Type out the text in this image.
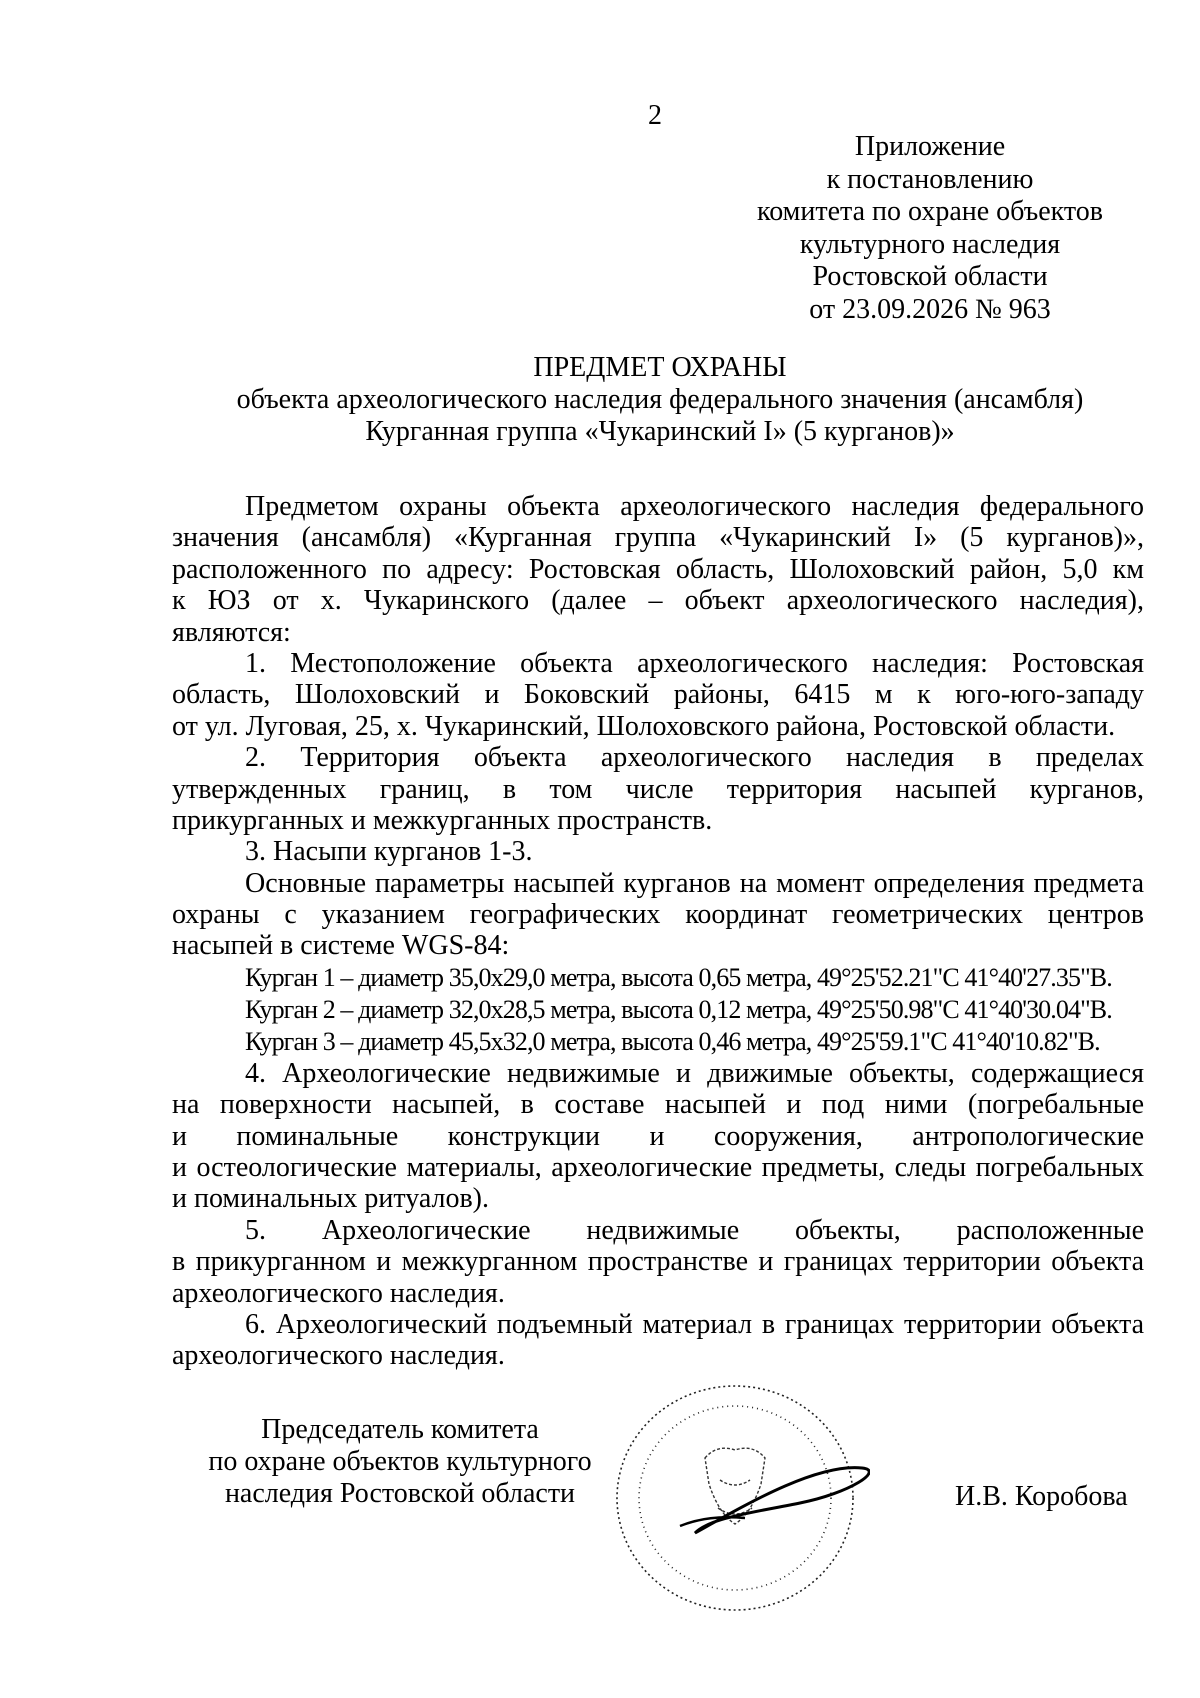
2
Приложение
к постановлению
комитета по охране объектов
культурного наследия
Ростовской области
от 23.09.2026 № 963
ПРЕДМЕТ ОХРАНЫ
объекта археологического наследия федерального значения (ансамбля)
Курганная группа «Чукаринский I» (5 курганов)»
Предметом охраны объекта археологического наследия федерального
значения (ансамбля) «Курганная группа «Чукаринский I» (5 курганов)»,
расположенного по адресу: Ростовская область, Шолоховский район, 5,0 км
к ЮЗ от х. Чукаринского (далее – объект археологического наследия),
являются:
1. Местоположение объекта археологического наследия: Ростовская
область, Шолоховский и Боковский районы, 6415 м к юго-юго-западу
от ул. Луговая, 25, х. Чукаринский, Шолоховского района, Ростовской области.
2. Территория объекта археологического наследия в пределах
утвержденных границ, в том числе территория насыпей курганов,
прикурганных и межкурганных пространств.
3. Насыпи курганов 1-3.
Основные параметры насыпей курганов на момент определения предмета
охраны с указанием географических координат геометрических центров
насыпей в системе WGS-84:
Курган 1 – диаметр 35,0x29,0 метра, высота 0,65 метра, 49°25'52.21"С 41°40'27.35"В.
Курган 2 – диаметр 32,0x28,5 метра, высота 0,12 метра, 49°25'50.98"С 41°40'30.04"В.
Курган 3 – диаметр 45,5x32,0 метра, высота 0,46 метра, 49°25'59.1"С 41°40'10.82"В.
4. Археологические недвижимые и движимые объекты, содержащиеся
на поверхности насыпей, в составе насыпей и под ними (погребальные
и поминальные конструкции и сооружения, антропологические
и остеологические материалы, археологические предметы, следы погребальных
и поминальных ритуалов).
5. Археологические недвижимые объекты, расположенные
в прикурганном и межкурганном пространстве и границах территории объекта
археологического наследия.
6. Археологический подъемный материал в границах территории объекта
археологического наследия.
Председатель комитета
по охране объектов культурного
наследия Ростовской области	И.В. Коробова
